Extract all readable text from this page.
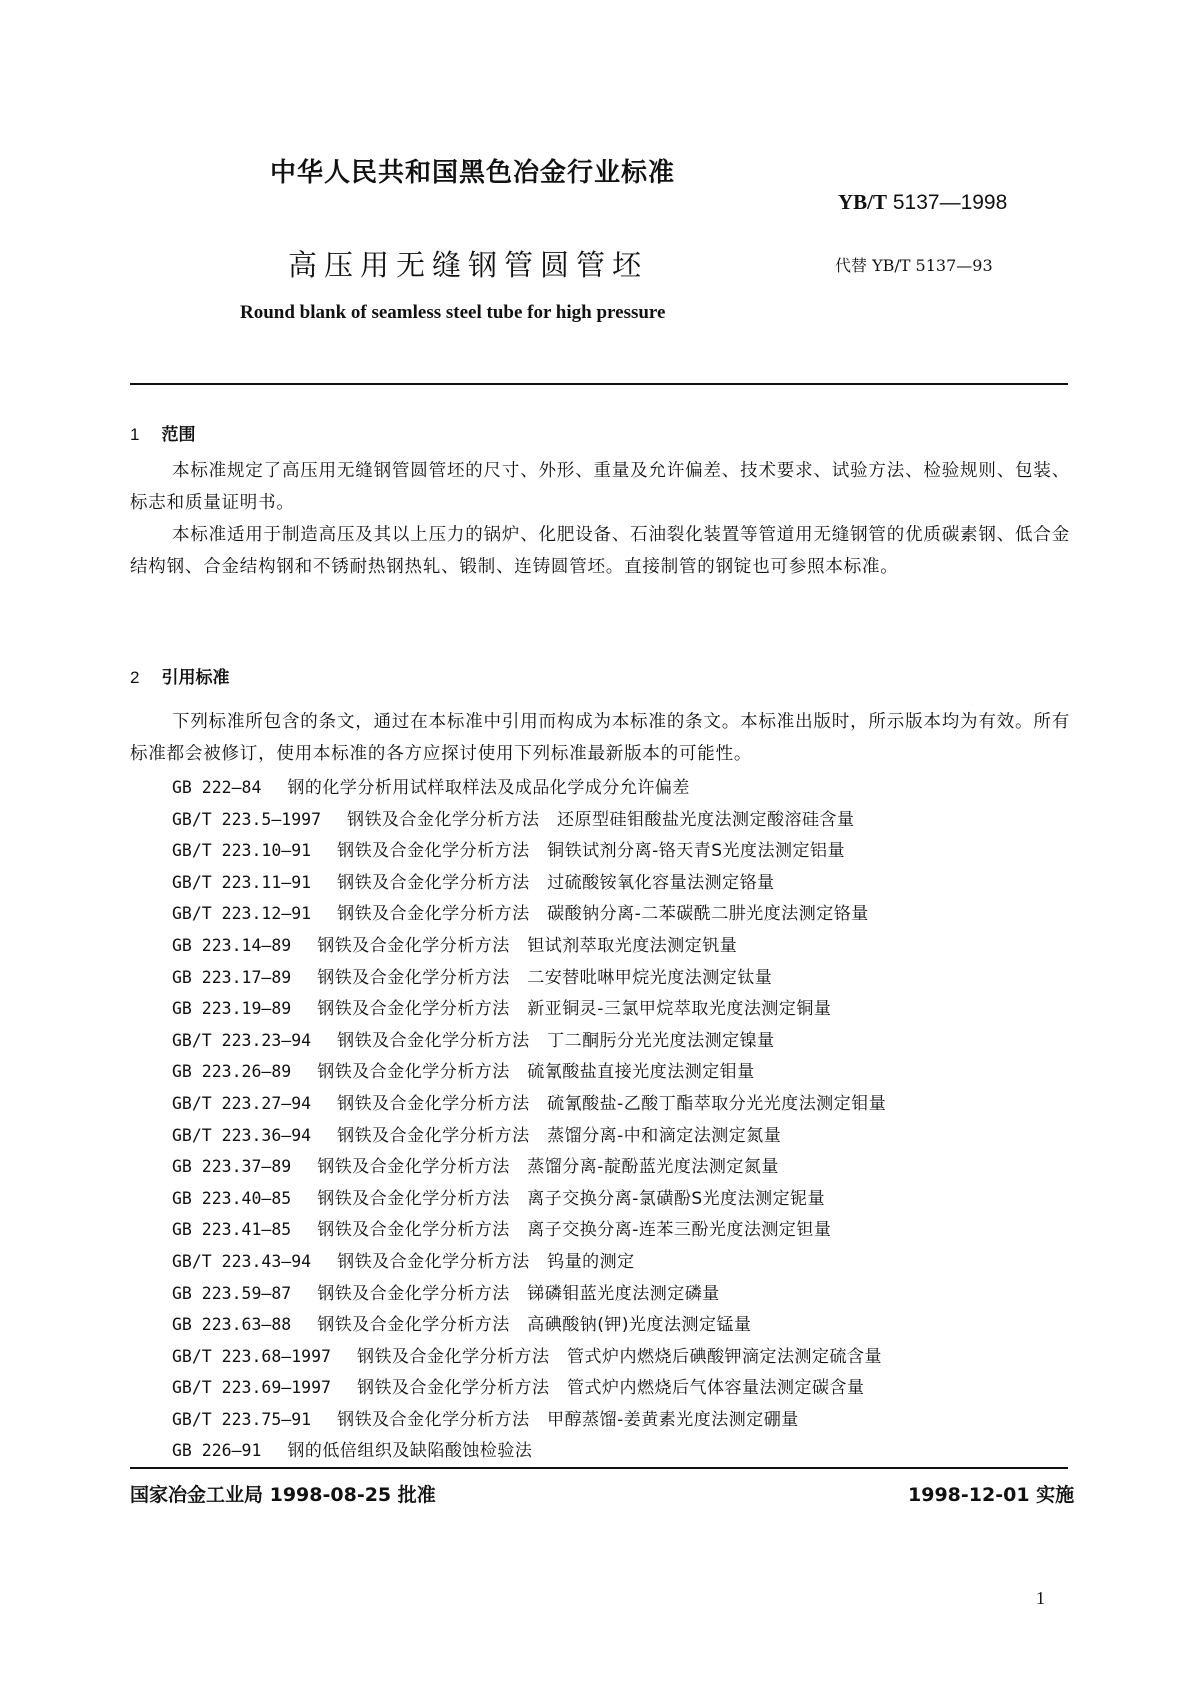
中华人民共和国黑色冶金行业标准
YB/T 5137—1998
高压用无缝钢管圆管坯	代替 YB/T 5137—93
Round blank of seamless steel tube for high pressure
1 范围
本标准规定了高压用无缝钢管圆管坯的尺寸、外形、重量及允许偏差、技术要求、试验方法、检验规则、包装、标志和质量证明书。
本标准适用于制造高压及其以上压力的锅炉、化肥设备、石油裂化装置等管道用无缝钢管的优质碳素钢、低合金结构钢、合金结构钢和不锈耐热钢热轧、锻制、连铸圆管坯。直接制管的钢锭也可参照本标准。
2 引用标准
下列标准所包含的条文，通过在本标准中引用而构成为本标准的条文。本标准出版时，所示版本均为有效。所有标准都会被修订，使用本标准的各方应探讨使用下列标准最新版本的可能性。
GB 222—84 钢的化学分析用试样取样法及成品化学成分允许偏差
GB/T 223.5—1997 钢铁及合金化学分析方法　还原型硅钼酸盐光度法测定酸溶硅含量
GB/T 223.10—91 钢铁及合金化学分析方法　铜铁试剂分离-铬天青S光度法测定铝量
GB/T 223.11—91 钢铁及合金化学分析方法　过硫酸铵氧化容量法测定铬量
GB/T 223.12—91 钢铁及合金化学分析方法　碳酸钠分离-二苯碳酰二肼光度法测定铬量
GB 223.14—89 钢铁及合金化学分析方法　钽试剂萃取光度法测定钒量
GB 223.17—89 钢铁及合金化学分析方法　二安替吡啉甲烷光度法测定钛量
GB 223.19—89 钢铁及合金化学分析方法　新亚铜灵-三氯甲烷萃取光度法测定铜量
GB/T 223.23—94 钢铁及合金化学分析方法　丁二酮肟分光光度法测定镍量
GB 223.26—89 钢铁及合金化学分析方法　硫氰酸盐直接光度法测定钼量
GB/T 223.27—94 钢铁及合金化学分析方法　硫氰酸盐-乙酸丁酯萃取分光光度法测定钼量
GB/T 223.36—94 钢铁及合金化学分析方法　蒸馏分离-中和滴定法测定氮量
GB 223.37—89 钢铁及合金化学分析方法　蒸馏分离-靛酚蓝光度法测定氮量
GB 223.40—85 钢铁及合金化学分析方法　离子交换分离-氯磺酚S光度法测定铌量
GB 223.41—85 钢铁及合金化学分析方法　离子交换分离-连苯三酚光度法测定钽量
GB/T 223.43—94 钢铁及合金化学分析方法　钨量的测定
GB 223.59—87 钢铁及合金化学分析方法　锑磷钼蓝光度法测定磷量
GB 223.63—88 钢铁及合金化学分析方法　高碘酸钠(钾)光度法测定锰量
GB/T 223.68—1997 钢铁及合金化学分析方法　管式炉内燃烧后碘酸钾滴定法测定硫含量
GB/T 223.69—1997 钢铁及合金化学分析方法　管式炉内燃烧后气体容量法测定碳含量
GB/T 223.75—91 钢铁及合金化学分析方法　甲醇蒸馏-姜黄素光度法测定硼量
GB 226—91 钢的低倍组织及缺陷酸蚀检验法
国家冶金工业局 1998-08-25 批准	1998-12-01 实施
1
